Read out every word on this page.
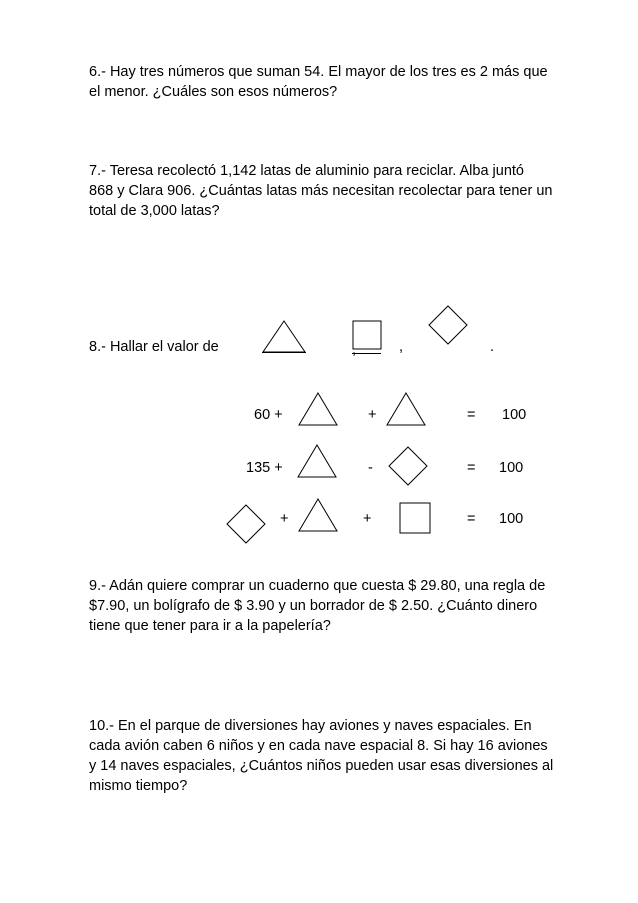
6.- Hay tres números que suman 54. El mayor de los tres es 2 más que
el menor. ¿Cuáles son esos números?
7.- Teresa recolectó 1,142 latas de aluminio para reciclar. Alba juntó
868 y Clara 906. ¿Cuántas latas más necesitan recolectar para tener un
total de 3,000 latas?
8.- Hallar el valor de	,	,	.
60 +	+	= 100
135 +	-	= 100
+	+	= 100
9.- Adán quiere comprar un cuaderno que cuesta $ 29.80, una regla de
$7.90, un bolígrafo de $ 3.90 y un borrador de $ 2.50. ¿Cuánto dinero
tiene que tener para ir a la papelería?
10.- En el parque de diversiones hay aviones y naves espaciales. En
cada avión caben 6 niños y en cada nave espacial 8. Si hay 16 aviones
y 14 naves espaciales, ¿Cuántos niños pueden usar esas diversiones al
mismo tiempo?
